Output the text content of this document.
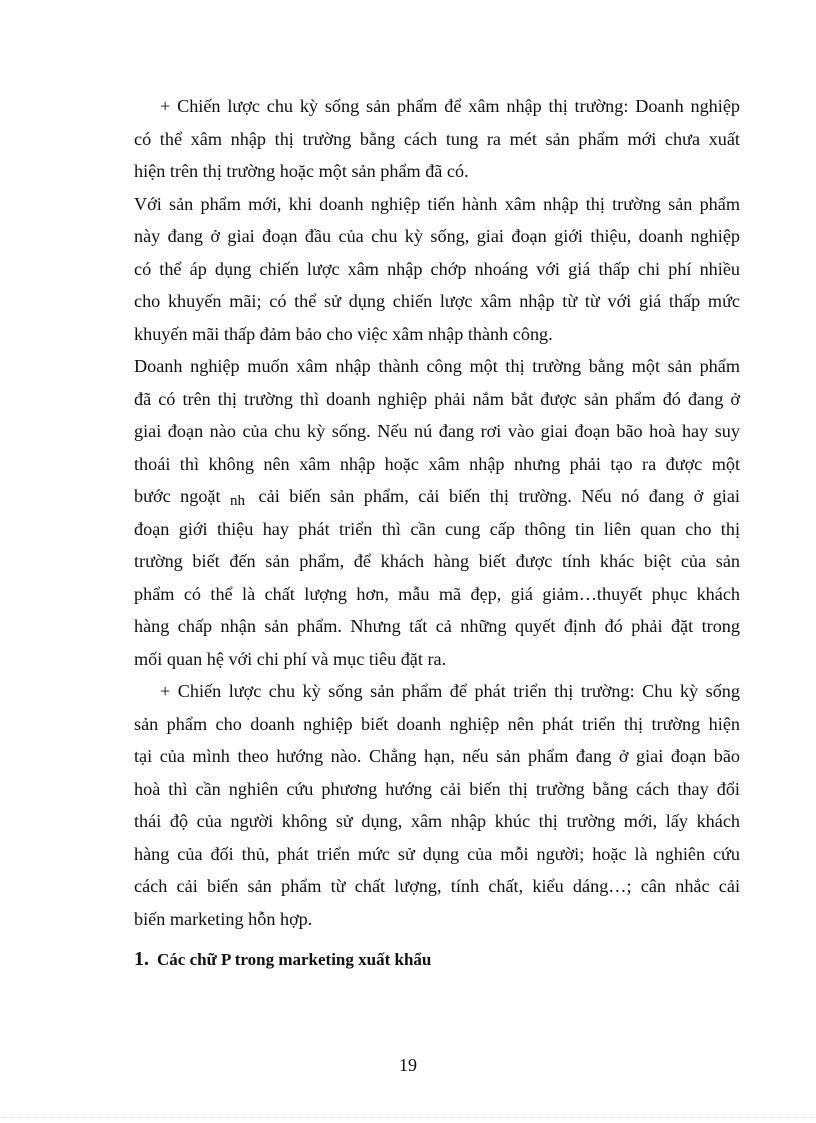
+ Chiến lược chu kỳ sống sản phẩm để xâm nhập thị trường: Doanh nghiệp
có thể xâm nhập thị trường bằng cách tung ra mét sản phẩm mới chưa xuất
hiện trên thị trường hoặc một sản phẩm đã có.
Với sản phẩm mới, khi doanh nghiệp tiến hành xâm nhập thị trường sản phẩm
này đang ở giai đoạn đầu của chu kỳ sống, giai đoạn giới thiệu, doanh nghiệp
có thể áp dụng chiến lược xâm nhập chớp nhoáng với giá thấp chi phí nhiều
cho khuyến mãi; có thể sử dụng chiến lược xâm nhập từ từ với giá thấp mức
khuyến mãi thấp đảm bảo cho việc xâm nhập thành công.
Doanh nghiệp muốn xâm nhập thành công một thị trường bằng một sản phẩm
đã có trên thị trường thì doanh nghiệp phải nắm bắt được sản phẩm đó đang ở
giai đoạn nào của chu kỳ sống. Nếu nú đang rơi vào giai đoạn bão hoà hay suy
thoái thì không nên xâm nhập hoặc xâm nhập nhưng phải tạo ra được một
bước ngoặt nh cải biến sản phẩm, cải biến thị trường. Nếu nó đang ở giai
đoạn giới thiệu hay phát triển thì cần cung cấp thông tin liên quan cho thị
trường biết đến sản phẩm, để khách hàng biết được tính khác biệt của sản
phẩm có thể là chất lượng hơn, mẫu mã đẹp, giá giảm…thuyết phục khách
hàng chấp nhận sản phẩm. Nhưng tất cả những quyết định đó phải đặt trong
mối quan hệ với chi phí và mục tiêu đặt ra.
+ Chiến lược chu kỳ sống sản phẩm để phát triển thị trường: Chu kỳ sống
sản phẩm cho doanh nghiệp biết doanh nghiệp nên phát triển thị trường hiện
tại của mình theo hướng nào. Chẳng hạn, nếu sản phẩm đang ở giai đoạn bão
hoà thì cần nghiên cứu phương hướng cải biến thị trường bằng cách thay đổi
thái độ của người không sử dụng, xâm nhập khúc thị trường mới, lấy khách
hàng của đối thủ, phát triển mức sử dụng của mỗi người; hoặc là nghiên cứu
cách cải biến sản phẩm từ chất lượng, tính chất, kiểu dáng…; cân nhắc cải
biến marketing hỗn hợp.
1. Các chữ P trong marketing xuất khẩu
19
